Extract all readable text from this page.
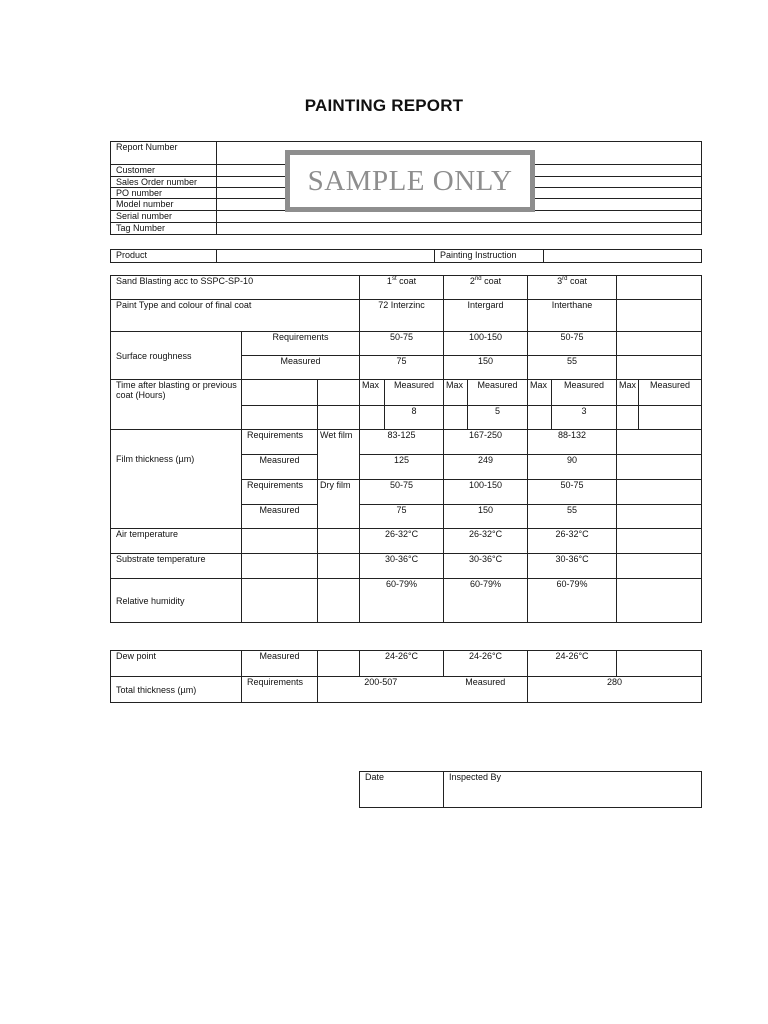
PAINTING REPORT
Report Number	
Customer	
Sales Order number	
PO number	
Model number	
Serial number	
Tag Number	
SAMPLE ONLY
Product		Painting Instruction	
Sand Blasting acc to SSPC-SP-10			1st coat		2nd coat		3rd coat			
Paint Type and colour of final coat			72 Interzinc		Intergard		Interthane			
Surface roughness	Requirements		50-75		100-150		50-75			
	Measured		75		150		55			
Time after blasting or previous coat (Hours)			Max	Measured	Max	Measured	Max	Measured	Max	Measured
				8		5		3		

Film thickness (µm)	Requirements	Wet film	83-125		167-250		88-132			
	Measured		125		249		90			
	Requirements	Dry film	50-75		100-150		50-75			
	Measured		75		150		55			
Air temperature			26-32°C		26-32°C		26-32°C			
Substrate temperature			30-36°C		30-36°C		30-36°C			
Relative humidity			60-79%		60-79%		60-79%			
Dew point	Measured		24-26°C	24-26°C	24-26°C	
Total thickness (µm)	Requirements	200-507		Measured	280	
Date	Inspected By
